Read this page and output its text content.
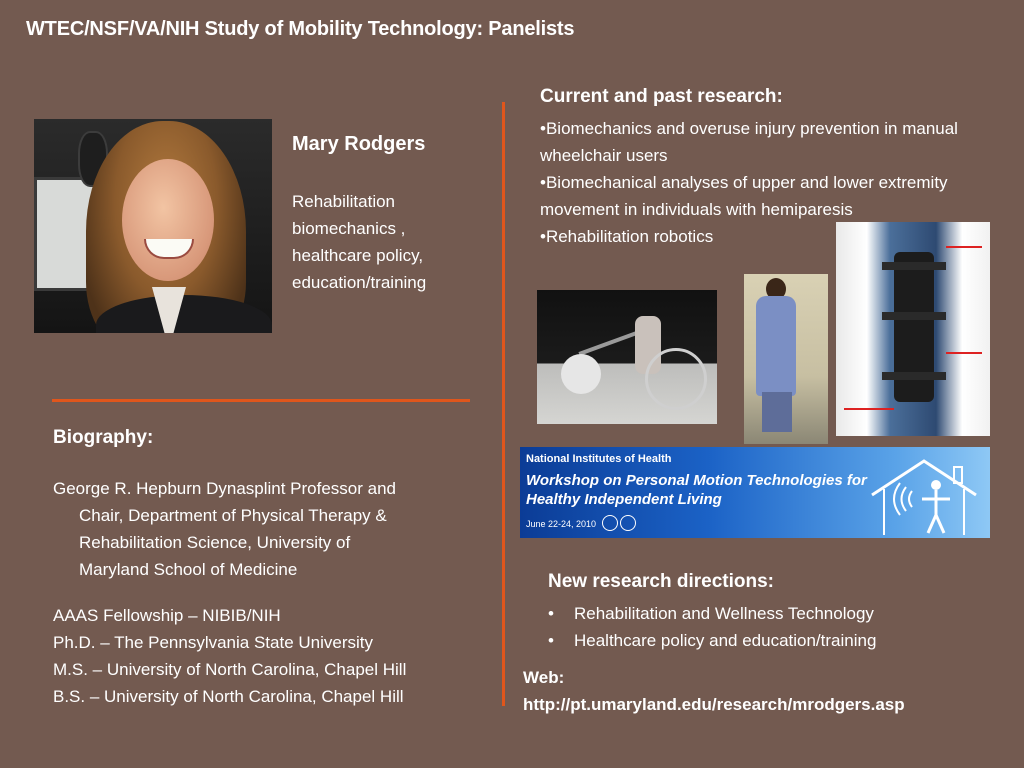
WTEC/NSF/VA/NIH Study of Mobility Technology: Panelists
Mary Rodgers
Rehabilitation
biomechanics ,
healthcare policy,
education/training
Current and past research:
•Biomechanics and overuse injury prevention in manual wheelchair users
•Biomechanical analyses of upper and lower extremity movement in individuals with hemiparesis
•Rehabilitation robotics
National Institutes of Health
Workshop on Personal Motion Technologies for Healthy Independent Living
June 22-24, 2010
Biography:
George R. Hepburn Dynasplint Professor and
Chair, Department of Physical Therapy &
Rehabilitation Science, University of
Maryland School of Medicine
AAAS Fellowship – NIBIB/NIH
Ph.D. – The Pennsylvania State University
M.S. – University of North Carolina, Chapel Hill
B.S. – University of North Carolina, Chapel Hill
New research directions:
• Rehabilitation and Wellness Technology
• Healthcare policy and education/training
Web:
http://pt.umaryland.edu/research/mrodgers.asp
